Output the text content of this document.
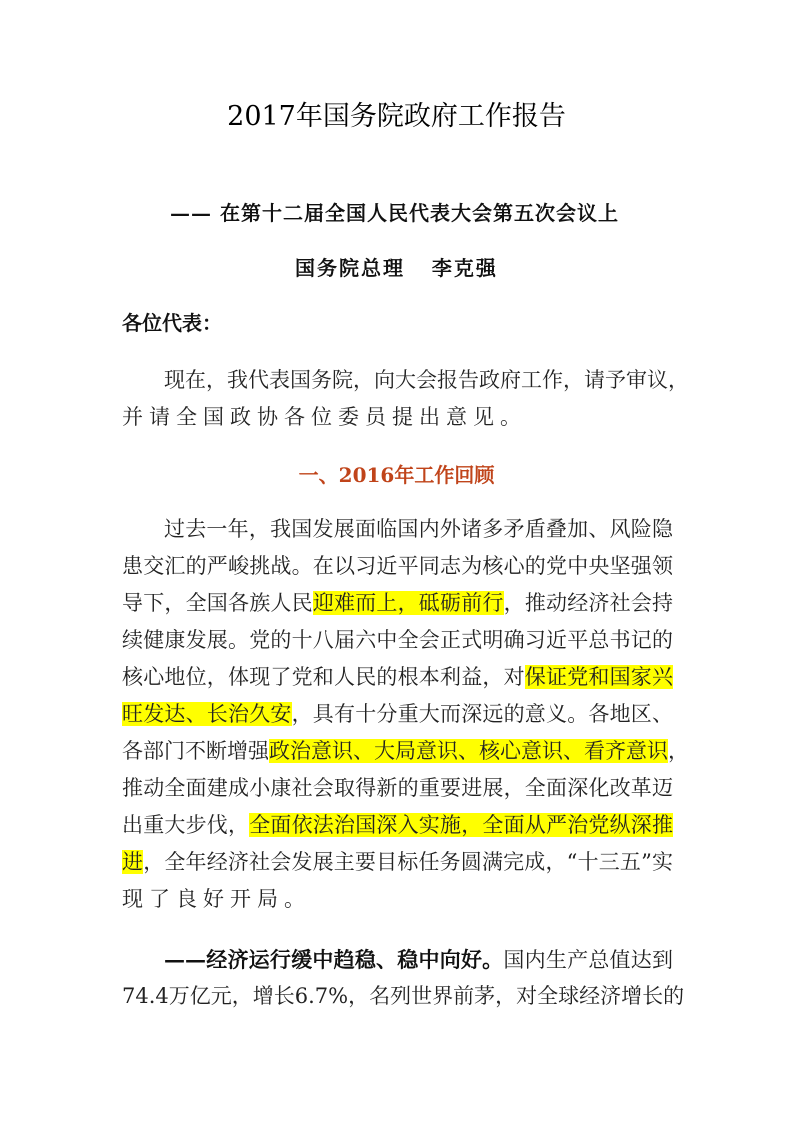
2017年国务院政府工作报告
—— 在第十二届全国人民代表大会第五次会议上
国务院总理   李克强
各位代表：
一、2016年工作回顾
现在，我代表国务院，向大会报告政府工作，请予审议，
并请全国政协各位委员提出意见。
过去一年，我国发展面临国内外诸多矛盾叠加、风险隐
患交汇的严峻挑战。在以习近平同志为核心的党中央坚强领
导下，全国各族人民迎难而上，砥砺前行，推动经济社会持
续健康发展。党的十八届六中全会正式明确习近平总书记的
核心地位，体现了党和人民的根本利益，对保证党和国家兴
旺发达、长治久安，具有十分重大而深远的意义。各地区、
各部门不断增强政治意识、大局意识、核心意识、看齐意识，
推动全面建成小康社会取得新的重要进展，全面深化改革迈
出重大步伐，全面依法治国深入实施，全面从严治党纵深推
进，全年经济社会发展主要目标任务圆满完成，“十三五”实
现了良好开局。
——经济运行缓中趋稳、稳中向好。国内生产总值达到
74.4万亿元，增长6.7%，名列世界前茅，对全球经济增长的
